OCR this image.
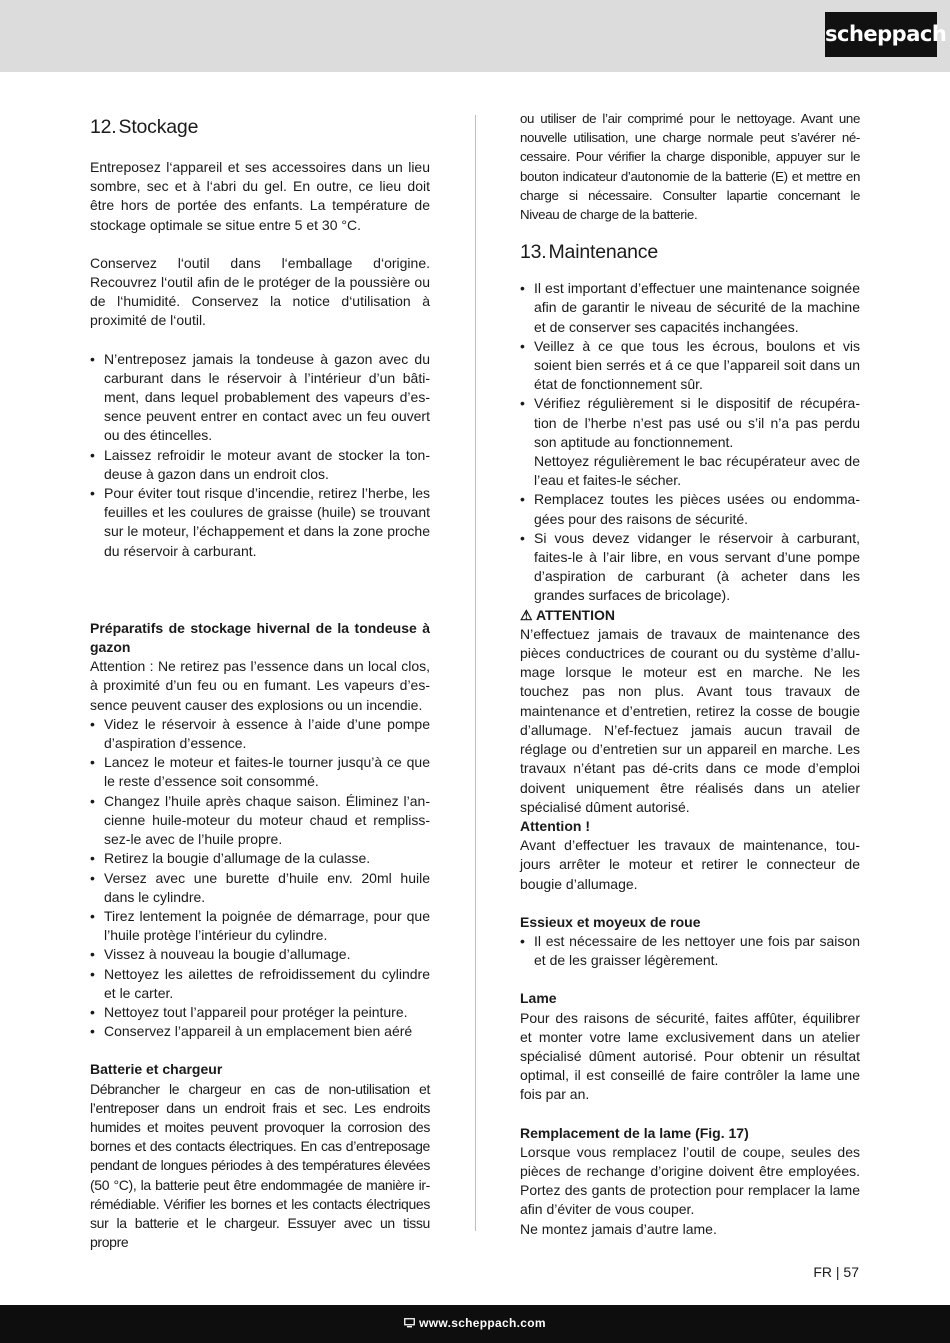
scheppach
12. Stockage

Entreposez l‘appareil et ses accessoires dans un lieu sombre, sec et à l‘abri du gel. En outre, ce lieu doit être hors de portée des enfants. La température de stockage optimale se situe entre 5 et 30 °C.

Conservez l‘outil dans l‘emballage d‘origine. Recouvrez l‘outil afin de le protéger de la poussière ou de l‘humidité. Conservez la notice d‘utilisation à proximité de l‘outil.

• N’entreposez jamais la tondeuse à gazon avec du carburant dans le réservoir à l’intérieur d’un bâti-ment, dans lequel probablement des vapeurs d’es-sence peuvent entrer en contact avec un feu ouvert ou des étincelles.
• Laissez refroidir le moteur avant de stocker la ton-deuse à gazon dans un endroit clos.
• Pour éviter tout risque d’incendie, retirez l’herbe, les feuilles et les coulures de graisse (huile) se trouvant sur le moteur, l’échappement et dans la zone proche du réservoir à carburant.

Préparatifs de stockage hivernal de la tondeuse à gazon

Attention : Ne retirez pas l’essence dans un local clos, à proximité d’un feu ou en fumant. Les vapeurs d’es-sence peuvent causer des explosions ou un incendie.

• Videz le réservoir à essence à l’aide d’une pompe d’aspiration d’essence.
• Lancez le moteur et faites-le tourner jusqu’à ce que le reste d’essence soit consommé.
• Changez l’huile après chaque saison. Éliminez l’an-cienne huile-moteur du moteur chaud et rempliss-sez-le avec de l’huile propre.
• Retirez la bougie d’allumage de la culasse.
• Versez avec une burette d’huile env. 20ml huile dans le cylindre.
• Tirez lentement la poignée de démarrage, pour que l’huile protège l’intérieur du cylindre.
• Vissez à nouveau la bougie d’allumage.
• Nettoyez les ailettes de refroidissement du cylindre et le carter.
• Nettoyez tout l’appareil pour protéger la peinture.
• Conservez l’appareil à un emplacement bien aéré

Batterie et chargeur

Débrancher le chargeur en cas de non-utilisation et l’entreposer dans un endroit frais et sec. Les endroits humides et moites peuvent provoquer la corrosion des bornes et des contacts électriques. En cas d’entreposage pendant de longues périodes à des températures élevées (50 °C), la batterie peut être endommagée de manière ir-rémédiable. Vérifier les bornes et les contacts électriques sur la batterie et le chargeur. Essuyer avec un tissu propre

ou utiliser de l’air comprimé pour le nettoyage. Avant une nouvelle utilisation, une charge normale peut s’avérer né-cessaire. Pour vérifier la charge disponible, appuyer sur le bouton indicateur d’autonomie de la batterie (E) et mettre en charge si nécessaire. Consulter lapartie concernant le Niveau de charge de la batterie.

13. Maintenance
• Il est important d’effectuer une maintenance soignée afin de garantir le niveau de sécurité de la machine et de conserver ses capacités inchangées.
• Veillez à ce que tous les écrous, boulons et vis soient bien serrés et á ce que l’appareil soit dans un état de fonctionnement sûr.
• Vérifiez régulièrement si le dispositif de récupéra-tion de l’herbe n’est pas usé ou s’il n’a pas perdu son aptitude au fonctionnement.
Nettoyez régulièrement le bac récupérateur avec de l’eau et faites-le sécher.
• Remplacez toutes les pièces usées ou endomma-gées pour des raisons de sécurité.
• Si vous devez vidanger le réservoir à carburant, faites-le à l’air libre, en vous servant d’une pompe d’aspiration de carburant (à acheter dans les grandes surfaces de bricolage).

⚠ ATTENTION

N’effectuez jamais de travaux de maintenance des pièces conductrices de courant ou du système d’allu-mage lorsque le moteur est en marche. Ne les touchez pas non plus. Avant tous travaux de maintenance et d’entretien, retirez la cosse de bougie d’allumage. N’ef-fectuez jamais aucun travail de réglage ou d’entretien sur un appareil en marche. Les travaux n’étant pas dé-crits dans ce mode d’emploi doivent uniquement être réalisés dans un atelier spécialisé dûment autorisé.

Attention !

Avant d’effectuer les travaux de maintenance, tou-jours arrêter le moteur et retirer le connecteur de bougie d’allumage.

Essieux et moyeux de roue

• Il est nécessaire de les nettoyer une fois par saison et de les graisser légèrement.

Lame

Pour des raisons de sécurité, faites affûter, équilibrer et monter votre lame exclusivement dans un atelier spécialisé dûment autorisé. Pour obtenir un résultat optimal, il est conseillé de faire contrôler la lame une fois par an.

Remplacement de la lame (Fig. 17)

Lorsque vous remplacez l’outil de coupe, seules des pièces de rechange d’origine doivent être employées. Portez des gants de protection pour remplacer la lame afin d’éviter de vous couper.

Ne montez jamais d’autre lame.

FR | 57
www.scheppach.com
